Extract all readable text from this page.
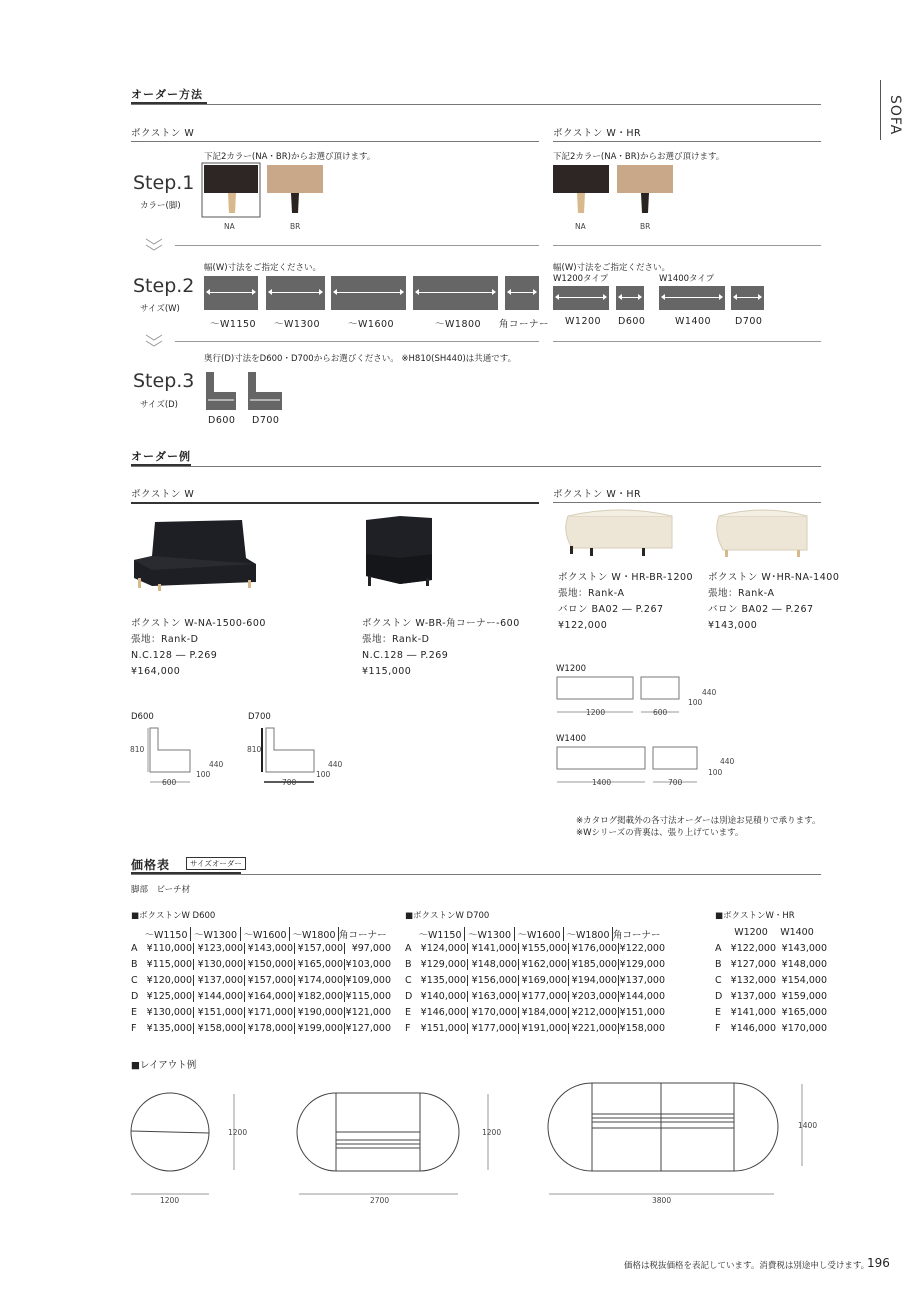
SOFA
オーダー方法
ボクストン W	ボクストン W・HR
Step.1
カラー(脚)
下記2カラー(NA・BR)からお選び頂けます。	下記2カラー(NA・BR)からお選び頂けます。
NA	BR	NA	BR
Step.2
サイズ(W)
幅(W)寸法をご指定ください。	幅(W)寸法をご指定ください。
～W1150 ～W1300	～W1600	～W1800 角コーナー
W1200タイプ	W1400タイプ
W1200 D600	W1400	D700
Step.3
サイズ(D)
奥行(D)寸法をD600・D700からお選びください。 ※H810(SH440)は共通です。
D600 D700
オーダー例
ボクストン W	ボクストン W・HR
ボクストン W-NA-1500-600
張地：Rank-D
N.C.128 ― P.269
¥164,000
ボクストン W-BR-角コーナー-600
張地：Rank-D
N.C.128 ― P.269
¥115,000
ボクストン W・HR-BR-1200
張地：Rank-A
バロン BA02 ― P.267
¥122,000
ボクストン W･HR-NA-1400
張地：Rank-A
バロン BA02 ― P.267
¥143,000
D600	D700
810
440
100
600
810
440
100
700
W1200
1200	600
440
100
W1400
1400	700
440
100
※カタログ掲載外の各寸法オーダーは別途お見積りで承ります。
※Wシリーズの背裏は、張り上げています。
価格表	サイズオーダー
脚部　ビーチ材
■ボクストンW D600
～W1150 ～W1300 ～W1600 ～W1800 角コーナー
A ¥110,000 ¥123,000 ¥143,000 ¥157,000 ¥97,000
B ¥115,000 ¥130,000 ¥150,000 ¥165,000 ¥103,000
C ¥120,000 ¥137,000 ¥157,000 ¥174,000 ¥109,000
D ¥125,000 ¥144,000 ¥164,000 ¥182,000 ¥115,000
E ¥130,000 ¥151,000 ¥171,000 ¥190,000 ¥121,000
F ¥135,000 ¥158,000 ¥178,000 ¥199,000 ¥127,000
■ボクストンW D700
～W1150 ～W1300 ～W1600 ～W1800 角コーナー
A ¥124,000 ¥141,000 ¥155,000 ¥176,000 ¥122,000
B ¥129,000 ¥148,000 ¥162,000 ¥185,000 ¥129,000
C ¥135,000 ¥156,000 ¥169,000 ¥194,000 ¥137,000
D ¥140,000 ¥163,000 ¥177,000 ¥203,000 ¥144,000
E ¥146,000 ¥170,000 ¥184,000 ¥212,000 ¥151,000
F ¥151,000 ¥177,000 ¥191,000 ¥221,000 ¥158,000
■ボクストンW・HR
W1200 W1400
A ¥122,000 ¥143,000
B ¥127,000 ¥148,000
C ¥132,000 ¥154,000
D ¥137,000 ¥159,000
E ¥141,000 ¥165,000
F ¥146,000 ¥170,000
■レイアウト例
1200
1200
1200
2700
1400
3800
価格は税抜価格を表記しています。消費税は別途申し受けます。
196
